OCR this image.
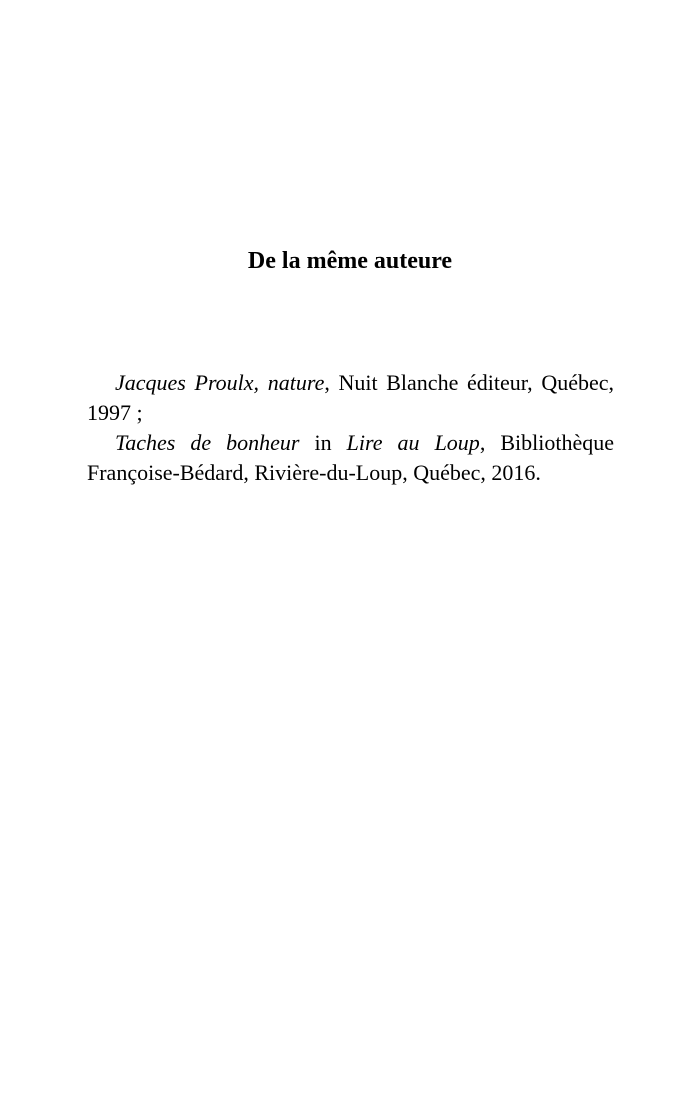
De la même auteure

Jacques Proulx, nature, Nuit Blanche éditeur, Québec, 1997 ;

Taches de bonheur in Lire au Loup, Bibliothèque Françoise-Bédard, Rivière-du-Loup, Québec, 2016.
